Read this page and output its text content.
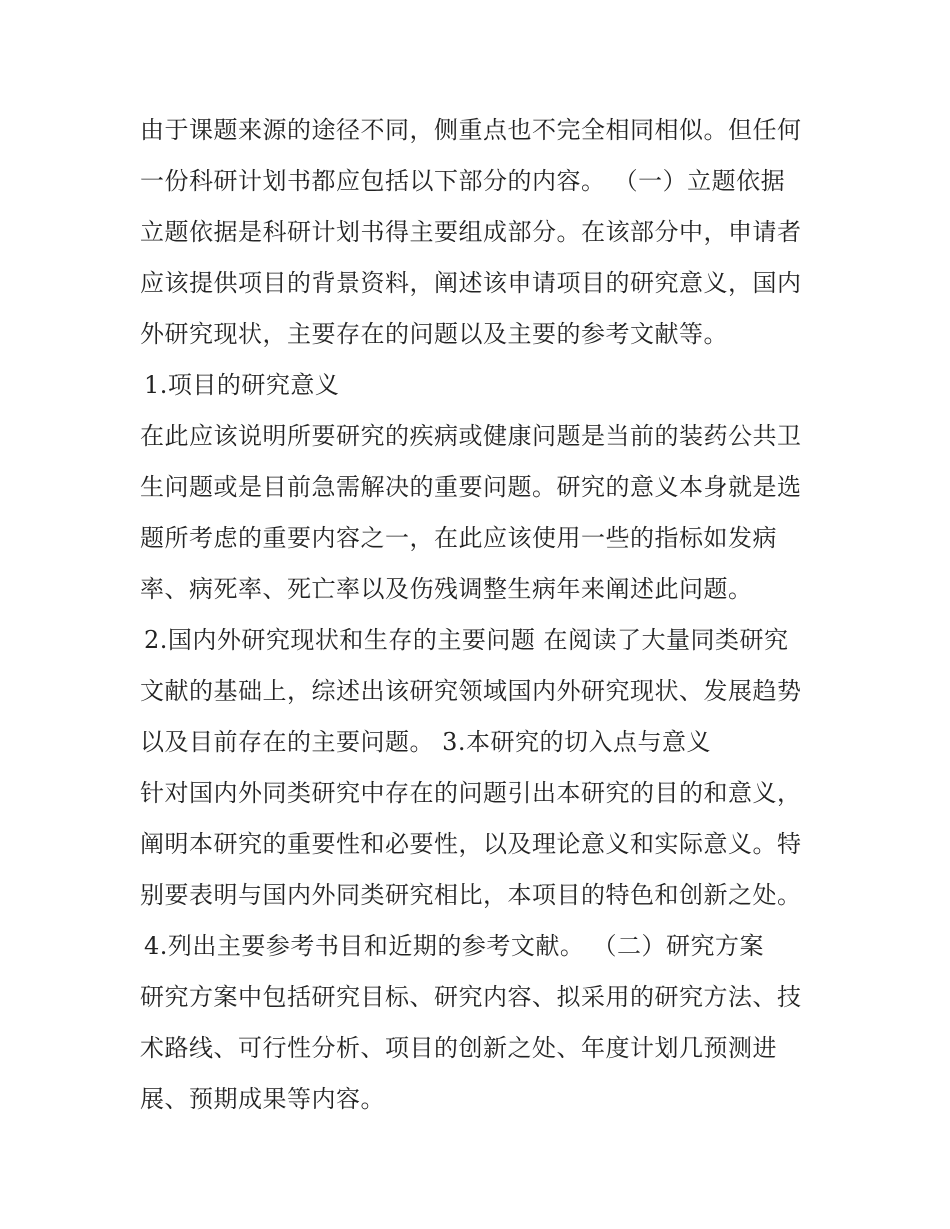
由于课题来源的途径不同，侧重点也不完全相同相似。但任何
一份科研计划书都应包括以下部分的内容。 （一）立题依据
立题依据是科研计划书得主要组成部分。在该部分中，申请者
应该提供项目的背景资料，阐述该申请项目的研究意义，国内
外研究现状，主要存在的问题以及主要的参考文献等。
1.项目的研究意义
在此应该说明所要研究的疾病或健康问题是当前的装药公共卫
生问题或是目前急需解决的重要问题。研究的意义本身就是选
题所考虑的重要内容之一，在此应该使用一些的指标如发病
率、病死率、死亡率以及伤残调整生病年来阐述此问题。
2.国内外研究现状和生存的主要问题 在阅读了大量同类研究
文献的基础上，综述出该研究领域国内外研究现状、发展趋势
以及目前存在的主要问题。 3.本研究的切入点与意义
针对国内外同类研究中存在的问题引出本研究的目的和意义，
阐明本研究的重要性和必要性，以及理论意义和实际意义。特
别要表明与国内外同类研究相比，本项目的特色和创新之处。
4.列出主要参考书目和近期的参考文献。 （二）研究方案
研究方案中包括研究目标、研究内容、拟采用的研究方法、技
术路线、可行性分析、项目的创新之处、年度计划几预测进
展、预期成果等内容。
